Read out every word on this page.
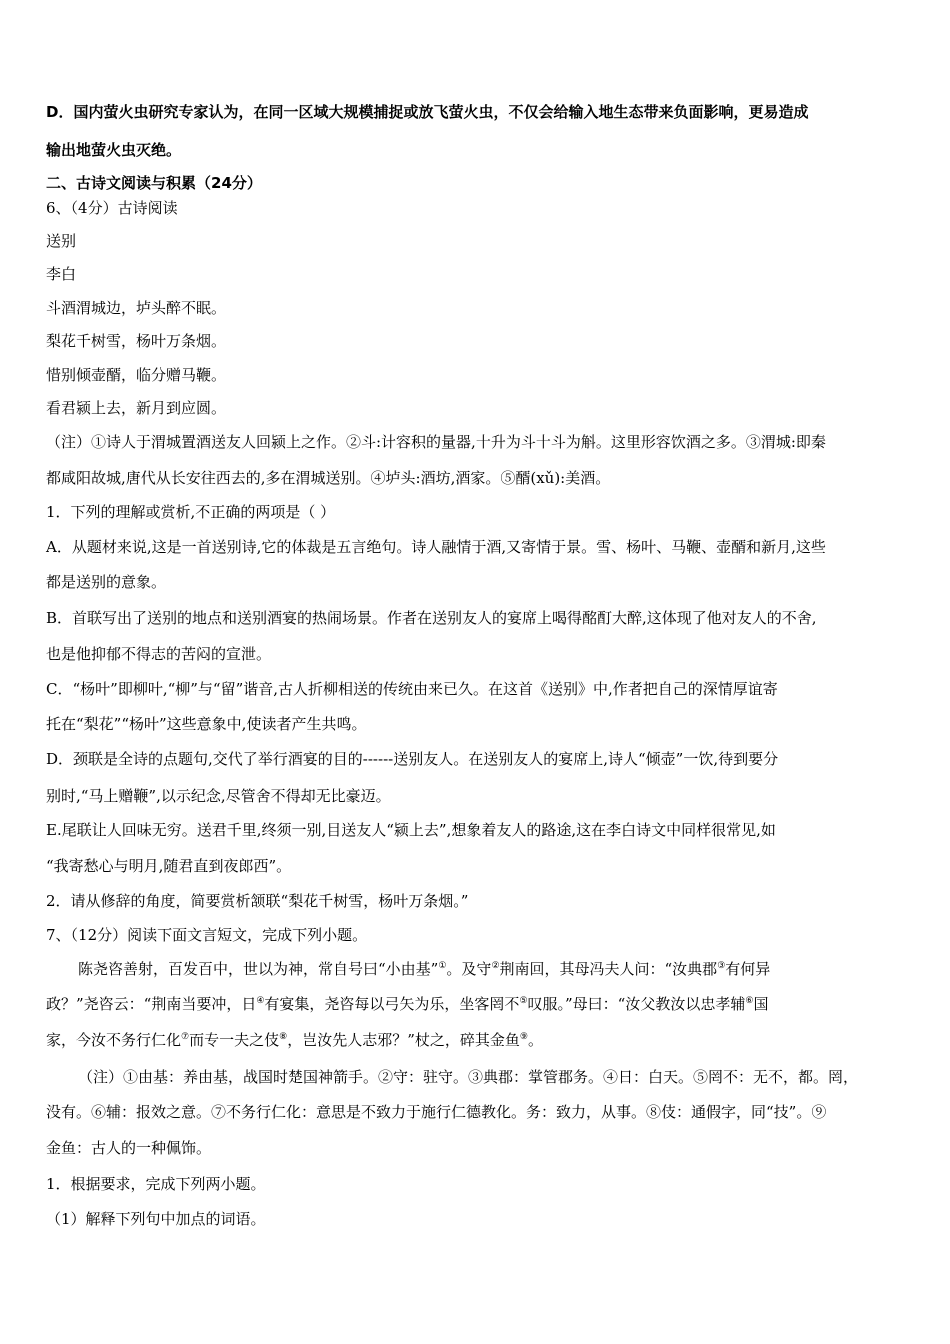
D．国内萤火虫研究专家认为，在同一区域大规模捕捉或放飞萤火虫，不仅会给输入地生态带来负面影响，更易造成
输出地萤火虫灭绝。
二、古诗文阅读与积累（24分）
6、（4分）古诗阅读
送别
李白
斗酒渭城边，垆头醉不眠。
梨花千树雪，杨叶万条烟。
惜别倾壶醑，临分赠马鞭。
看君颍上去，新月到应圆。
（注）①诗人于渭城置酒送友人回颍上之作。②斗:计容积的量器,十升为斗十斗为斛。这里形容饮酒之多。③渭城:即秦
都咸阳故城,唐代从长安往西去的,多在渭城送别。④垆头:酒坊,酒家。⑤醑(xǔ):美酒。
1．下列的理解或赏析,不正确的两项是（ ）
A．从题材来说,这是一首送别诗,它的体裁是五言绝句。诗人融情于酒,又寄情于景。雪、杨叶、马鞭、壶醑和新月,这些
都是送别的意象。
B．首联写出了送别的地点和送别酒宴的热闹场景。作者在送别友人的宴席上喝得酩酊大醉,这体现了他对友人的不舍,
也是他抑郁不得志的苦闷的宣泄。
C．“杨叶”即柳叶,“柳”与“留”谐音,古人折柳相送的传统由来已久。在这首《送别》中,作者把自己的深情厚谊寄
托在“梨花”“杨叶”这些意象中,使读者产生共鸣。
D．颈联是全诗的点题句,交代了举行酒宴的目的------送别友人。在送别友人的宴席上,诗人“倾壶”一饮,待到要分
别时,“马上赠鞭”,以示纪念,尽管舍不得却无比豪迈。
E.尾联让人回味无穷。送君千里,终须一别,目送友人“颍上去”,想象着友人的路途,这在李白诗文中同样很常见,如
“我寄愁心与明月,随君直到夜郎西”。
2．请从修辞的角度，简要赏析颔联“梨花千树雪，杨叶万条烟。”
7、（12分）阅读下面文言短文，完成下列小题。
陈尧咨善射，百发百中，世以为神，常自号曰“小由基”①。及守②荆南回，其母冯夫人问：“汝典郡③有何异
政？”尧咨云：“荆南当要冲，日④有宴集，尧咨每以弓矢为乐，坐客罔不⑤叹服。”母曰：“汝父教汝以忠孝辅⑥国
家，今汝不务行仁化⑦而专一夫之伎⑧，岂汝先人志邪？”杖之，碎其金鱼⑨。
（注）①由基：养由基，战国时楚国神箭手。②守：驻守。③典郡：掌管郡务。④日：白天。⑤罔不：无不，都。罔，
没有。⑥辅：报效之意。⑦不务行仁化：意思是不致力于施行仁德教化。务：致力，从事。⑧伎：通假字，同“技”。⑨
金鱼：古人的一种佩饰。
1．根据要求，完成下列两小题。
（1）解释下列句中加点的词语。
